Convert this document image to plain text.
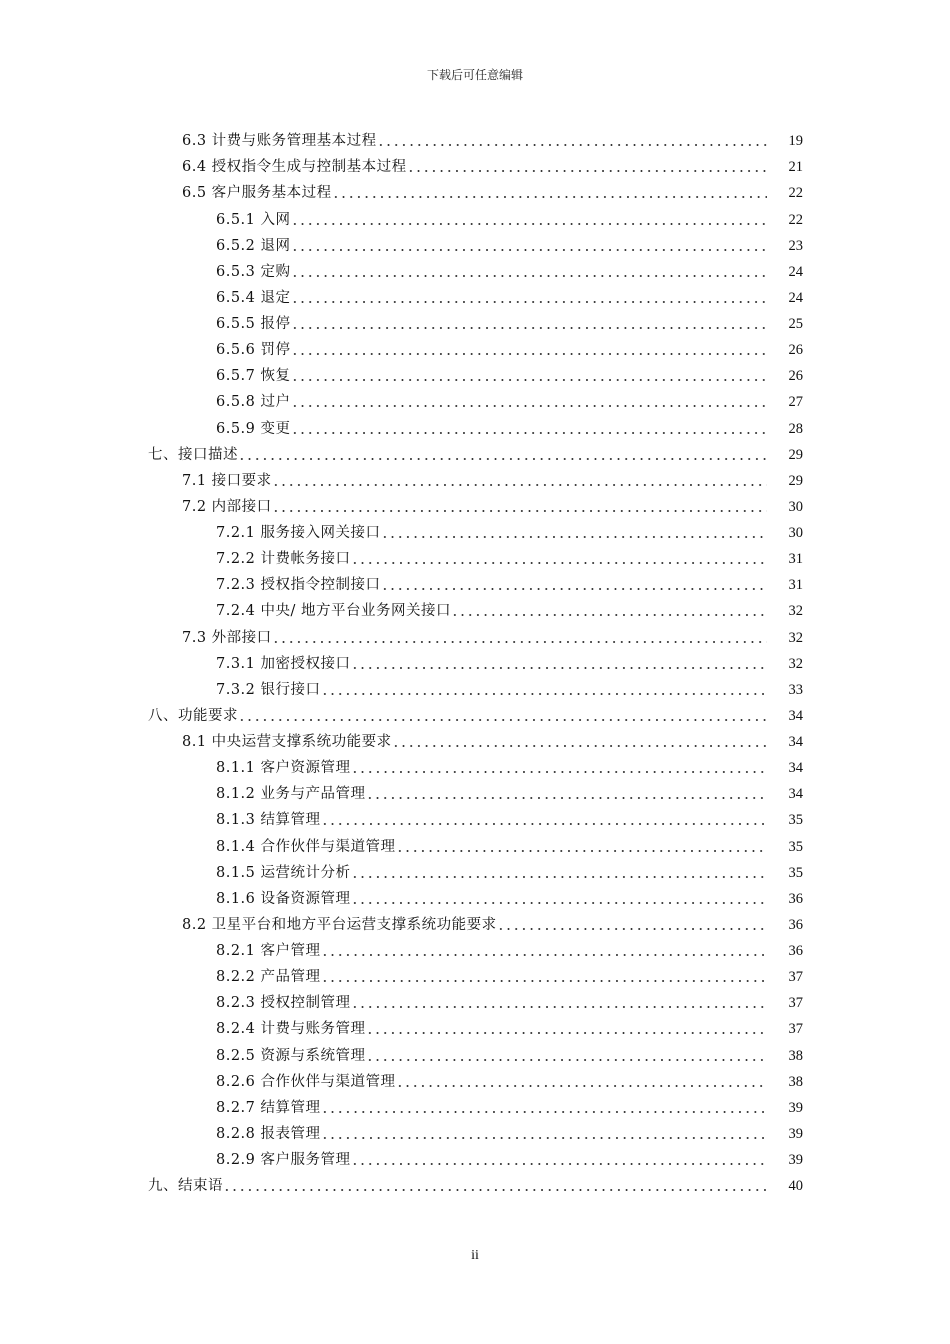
下载后可任意编辑
6.3 计费与账务管理基本过程	19
6.4 授权指令生成与控制基本过程	21
6.5 客户服务基本过程	22
6.5.1 入网	22
6.5.2 退网	23
6.5.3 定购	24
6.5.4 退定	24
6.5.5 报停	25
6.5.6 罚停	26
6.5.7 恢复	26
6.5.8 过户	27
6.5.9 变更	28
七、接口描述	29
7.1 接口要求	29
7.2 内部接口	30
7.2.1 服务接入网关接口	30
7.2.2 计费帐务接口	31
7.2.3 授权指令控制接口	31
7.2.4 中央/ 地方平台业务网关接口	32
7.3 外部接口	32
7.3.1 加密授权接口	32
7.3.2 银行接口	33
八、功能要求	34
8.1 中央运营支撑系统功能要求	34
8.1.1 客户资源管理	34
8.1.2 业务与产品管理	34
8.1.3 结算管理	35
8.1.4 合作伙伴与渠道管理	35
8.1.5 运营统计分析	35
8.1.6 设备资源管理	36
8.2 卫星平台和地方平台运营支撑系统功能要求	36
8.2.1 客户管理	36
8.2.2 产品管理	37
8.2.3 授权控制管理	37
8.2.4 计费与账务管理	37
8.2.5 资源与系统管理	38
8.2.6 合作伙伴与渠道管理	38
8.2.7 结算管理	39
8.2.8 报表管理	39
8.2.9 客户服务管理	39
九、结束语	40
ii
